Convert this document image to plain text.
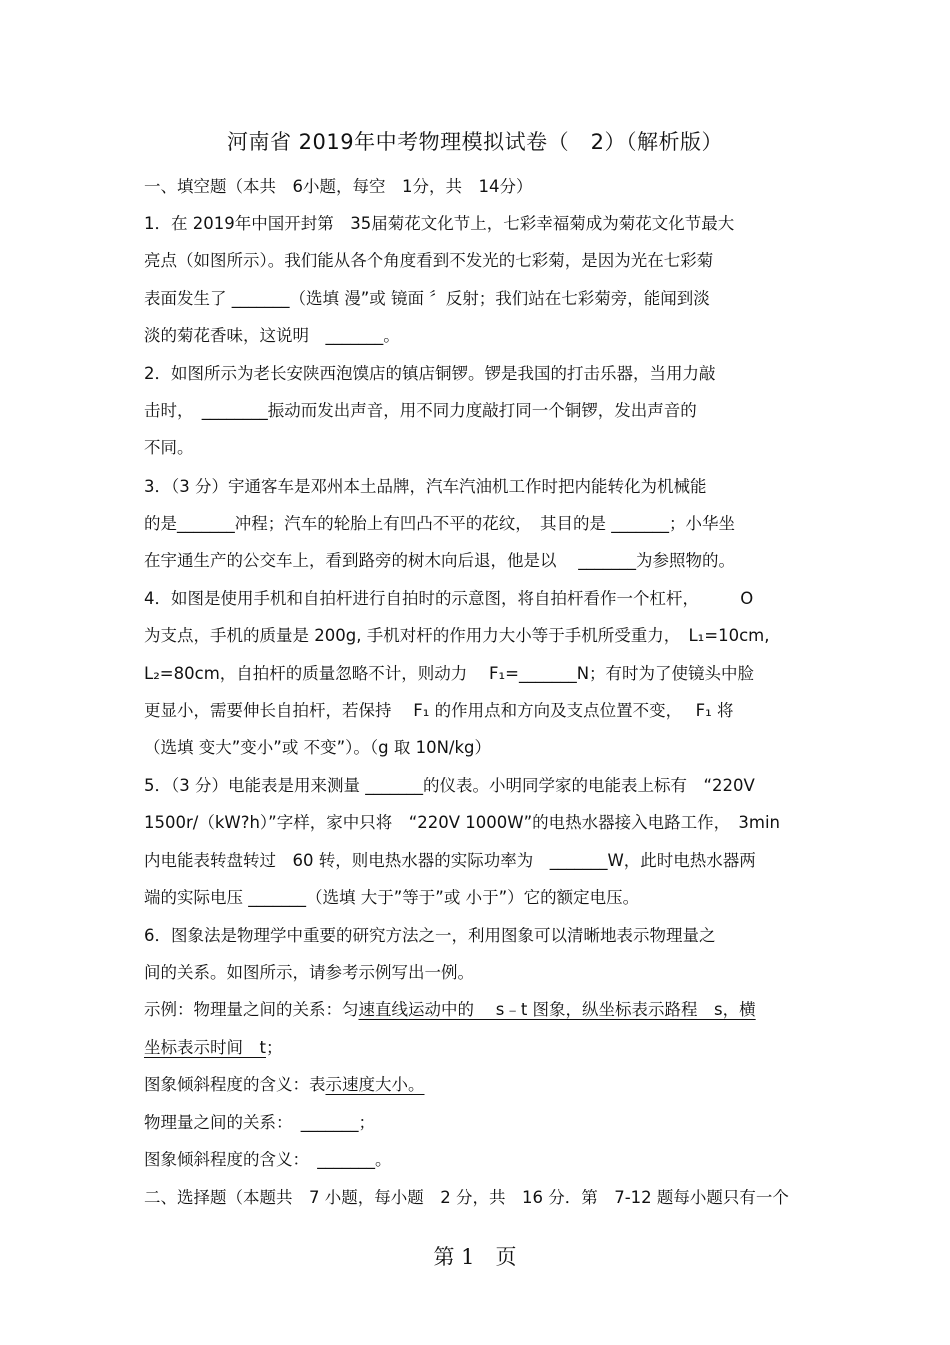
河南省 2019年中考物理模拟试卷（　2）（解析版）
一、填空题（本共　6小题，每空　1分，共　14分）
1．在 2019年中国开封第　35届菊花文化节上，七彩幸福菊成为菊花文化节最大
亮点（如图所示）。我们能从各个角度看到不发光的七彩菊，是因为光在七彩菊
表面发生了 _______（选填 漫”或 镜面 〞反射；我们站在七彩菊旁，能闻到淡
淡的菊花香味，这说明　_______。
2．如图所示为老长安陕西泡馍店的镇店铜锣。锣是我国的打击乐器，当用力敲
击时，　________振动而发出声音，用不同力度敲打同一个铜锣，发出声音的
不同。
3．（3 分）宇通客车是邓州本土品牌，汽车汽油机工作时把内能转化为机械能
的是_______冲程；汽车的轮胎上有凹凸不平的花纹，　其目的是 _______；小华坐
在宇通生产的公交车上，看到路旁的树木向后退，他是以　 _______为参照物的。
4．如图是使用手机和自拍杆进行自拍时的示意图，将自拍杆看作一个杠杆，　　　O
为支点，手机的质量是 200g, 手机对杆的作用力大小等于手机所受重力，　L₁=10cm,
L₂=80cm，自拍杆的质量忽略不计，则动力　 F₁=_______N；有时为了使镜头中脸
更显小，需要伸长自拍杆，若保持　 F₁ 的作用点和方向及支点位置不变，　 F₁ 将
（选填 变大”变小”或 不变”）。（g 取 10N/kg）
5．（3 分）电能表是用来测量 _______的仪表。小明同学家的电能表上标有　“220V
1500r/（kW?h）”字样，家中只将　“220V 1000W”的电热水器接入电路工作，　3min
内电能表转盘转过　60 转，则电热水器的实际功率为　_______W，此时电热水器两
端的实际电压 _______（选填 大于”等于”或 小于”）它的额定电压。
6．图象法是物理学中重要的研究方法之一，利用图象可以清晰地表示物理量之
间的关系。如图所示，请参考示例写出一例。
示例：物理量之间的关系：匀速直线运动中的　 s﹣t 图象，纵坐标表示路程　s，横
坐标表示时间　t；
图象倾斜程度的含义：表示速度大小。
物理量之间的关系：　_______；
图象倾斜程度的含义：　_______。
二、选择题（本题共　7 小题，每小题　2 分，共　16 分．第　7-12 题每小题只有一个
第 1　页
